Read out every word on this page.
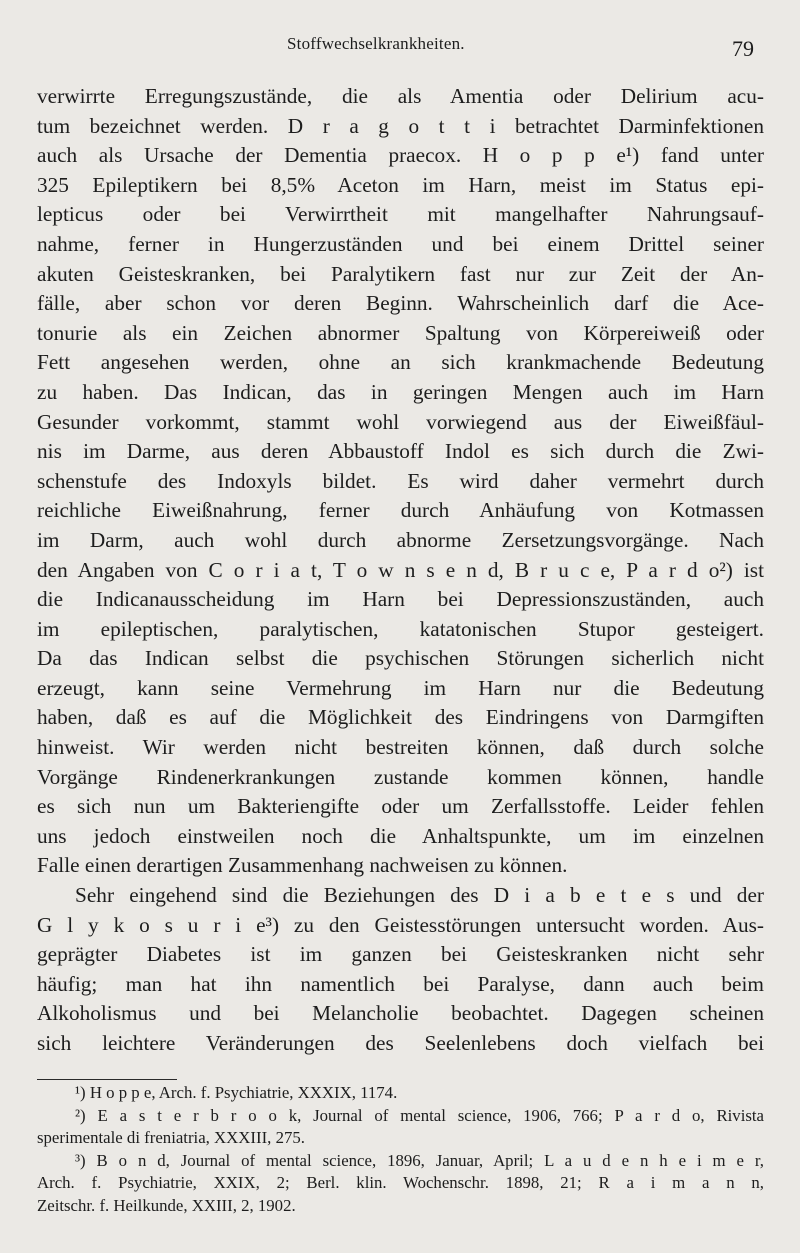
Stoffwechselkrankheiten.	79
verwirrte Erregungszustände, die als Amentia oder Delirium acu-
tum bezeichnet werden. D r a g o t t i betrachtet Darminfektionen
auch als Ursache der Dementia praecox. H o p p e¹) fand unter
325 Epileptikern bei 8,5% Aceton im Harn, meist im Status epi-
lepticus oder bei Verwirrtheit mit mangelhafter Nahrungsauf-
nahme, ferner in Hungerzuständen und bei einem Drittel seiner
akuten Geisteskranken, bei Paralytikern fast nur zur Zeit der An-
fälle, aber schon vor deren Beginn. Wahrscheinlich darf die Ace-
tonurie als ein Zeichen abnormer Spaltung von Körpereiweiß oder
Fett angesehen werden, ohne an sich krankmachende Bedeutung
zu haben. Das Indican, das in geringen Mengen auch im Harn
Gesunder vorkommt, stammt wohl vorwiegend aus der Eiweißfäul-
nis im Darme, aus deren Abbaustoff Indol es sich durch die Zwi-
schenstufe des Indoxyls bildet. Es wird daher vermehrt durch
reichliche Eiweißnahrung, ferner durch Anhäufung von Kotmassen
im Darm, auch wohl durch abnorme Zersetzungsvorgänge. Nach
den Angaben von C o r i a t, T o w n s e n d, B r u c e, P a r d o²) ist
die Indicanausscheidung im Harn bei Depressionszuständen, auch
im epileptischen, paralytischen, katatonischen Stupor gesteigert.
Da das Indican selbst die psychischen Störungen sicherlich nicht
erzeugt, kann seine Vermehrung im Harn nur die Bedeutung
haben, daß es auf die Möglichkeit des Eindringens von Darmgiften
hinweist. Wir werden nicht bestreiten können, daß durch solche
Vorgänge Rindenerkrankungen zustande kommen können, handle
es sich nun um Bakteriengifte oder um Zerfallsstoffe. Leider fehlen
uns jedoch einstweilen noch die Anhaltspunkte, um im einzelnen
Falle einen derartigen Zusammenhang nachweisen zu können.
Sehr eingehend sind die Beziehungen des D i a b e t e s und der
G l y k o s u r i e³) zu den Geistesstörungen untersucht worden. Aus-
geprägter Diabetes ist im ganzen bei Geisteskranken nicht sehr
häufig; man hat ihn namentlich bei Paralyse, dann auch beim
Alkoholismus und bei Melancholie beobachtet. Dagegen scheinen
sich leichtere Veränderungen des Seelenlebens doch vielfach bei
¹) H o p p e, Arch. f. Psychiatrie, XXXIX, 1174.
²) E a s t e r b r o o k, Journal of mental science, 1906, 766; P a r d o, Rivista
sperimentale di freniatria, XXXIII, 275.
³) B o n d, Journal of mental science, 1896, Januar, April; L a u d e n h e i m e r,
Arch. f. Psychiatrie, XXIX, 2; Berl. klin. Wochenschr. 1898, 21; R a i m a n n,
Zeitschr. f. Heilkunde, XXIII, 2, 1902.
